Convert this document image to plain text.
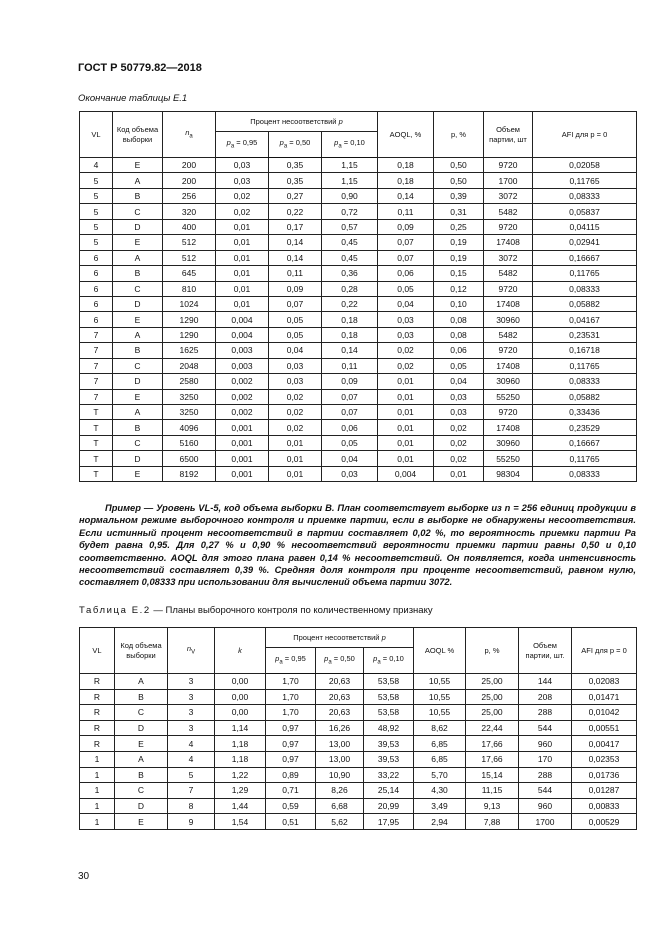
ГОСТ Р 50779.82—2018
Окончание таблицы Е.1
VL	Код объема выборки	$n_a$	Процент несоответствий p			AOQL, %	p, %	Объем партии, шт	AFI для p = 0
			$p_a = 0,95$	$p_a = 0,50$	$p_a = 0,10$				
4	E	200	0,03	0,35	1,15	0,18	0,50	9720	0,02058
5	A	200	0,03	0,35	1,15	0,18	0,50	1700	0,11765
5	B	256	0,02	0,27	0,90	0,14	0,39	3072	0,08333
5	C	320	0,02	0,22	0,72	0,11	0,31	5482	0,05837
5	D	400	0,01	0,17	0,57	0,09	0,25	9720	0,04115
5	E	512	0,01	0,14	0,45	0,07	0,19	17408	0,02941
6	A	512	0,01	0,14	0,45	0,07	0,19	3072	0,16667
6	B	645	0,01	0,11	0,36	0,06	0,15	5482	0,11765
6	C	810	0,01	0,09	0,28	0,05	0,12	9720	0,08333
6	D	1024	0,01	0,07	0,22	0,04	0,10	17408	0,05882
6	E	1290	0,004	0,05	0,18	0,03	0,08	30960	0,04167
7	A	1290	0,004	0,05	0,18	0,03	0,08	5482	0,23531
7	B	1625	0,003	0,04	0,14	0,02	0,06	9720	0,16718
7	C	2048	0,003	0,03	0,11	0,02	0,05	17408	0,11765
7	D	2580	0,002	0,03	0,09	0,01	0,04	30960	0,08333
7	E	3250	0,002	0,02	0,07	0,01	0,03	55250	0,05882
T	A	3250	0,002	0,02	0,07	0,01	0,03	9720	0,33436
T	B	4096	0,001	0,02	0,06	0,01	0,02	17408	0,23529
T	C	5160	0,001	0,01	0,05	0,01	0,02	30960	0,16667
T	D	6500	0,001	0,01	0,04	0,01	0,02	55250	0,11765
T	E	8192	0,001	0,01	0,03	0,004	0,01	98304	0,08333

Пример — Уровень VL-5, код объема выборки B. План соответствует выборке из n = 256 единиц продукции в нормальном режиме выборочного контроля и приемке партии, если в выборке не обнаружены несоответствия. Если истинный процент несоответствий в партии составляет 0,02 %, то вероятность приемки партии Pa будет равна 0,95. Для 0,27 % и 0,90 % несоответствий вероятности приемки партии равны 0,50 и 0,10 соответственно. AOQL для этого плана равен 0,14 % несоответствий. Он появляется, когда интенсивность несоответствий составляет 0,39 %. Средняя доля контроля при проценте несоответствий, равном нулю, составляет 0,08333 при использовании для вычислений объема партии 3072.

Таблица Е.2 — Планы выборочного контроля по количественному признаку
VL	Код объема выборки	$n_V$	k	Процент несоответствий p			AOQL %	p, %	Объем партии, шт.	AFI для p = 0
				$p_a = 0,95$	$p_a = 0,50$	$p_a = 0,10$				
R	A	3	0,00	1,70	20,63	53,58	10,55	25,00	144	0,02083
R	B	3	0,00	1,70	20,63	53,58	10,55	25,00	208	0,01471
R	C	3	0,00	1,70	20,63	53,58	10,55	25,00	288	0,01042
R	D	3	1,14	0,97	16,26	48,92	8,62	22,44	544	0,00551
R	E	4	1,18	0,97	13,00	39,53	6,85	17,66	960	0,00417
1	A	4	1,18	0,97	13,00	39,53	6,85	17,66	170	0,02353
1	B	5	1,22	0,89	10,90	33,22	5,70	15,14	288	0,01736
1	C	7	1,29	0,71	8,26	25,14	4,30	11,15	544	0,01287
1	D	8	1,44	0,59	6,68	20,99	3,49	9,13	960	0,00833
1	E	9	1,54	0,51	5,62	17,95	2,94	7,88	1700	0,00529
30
